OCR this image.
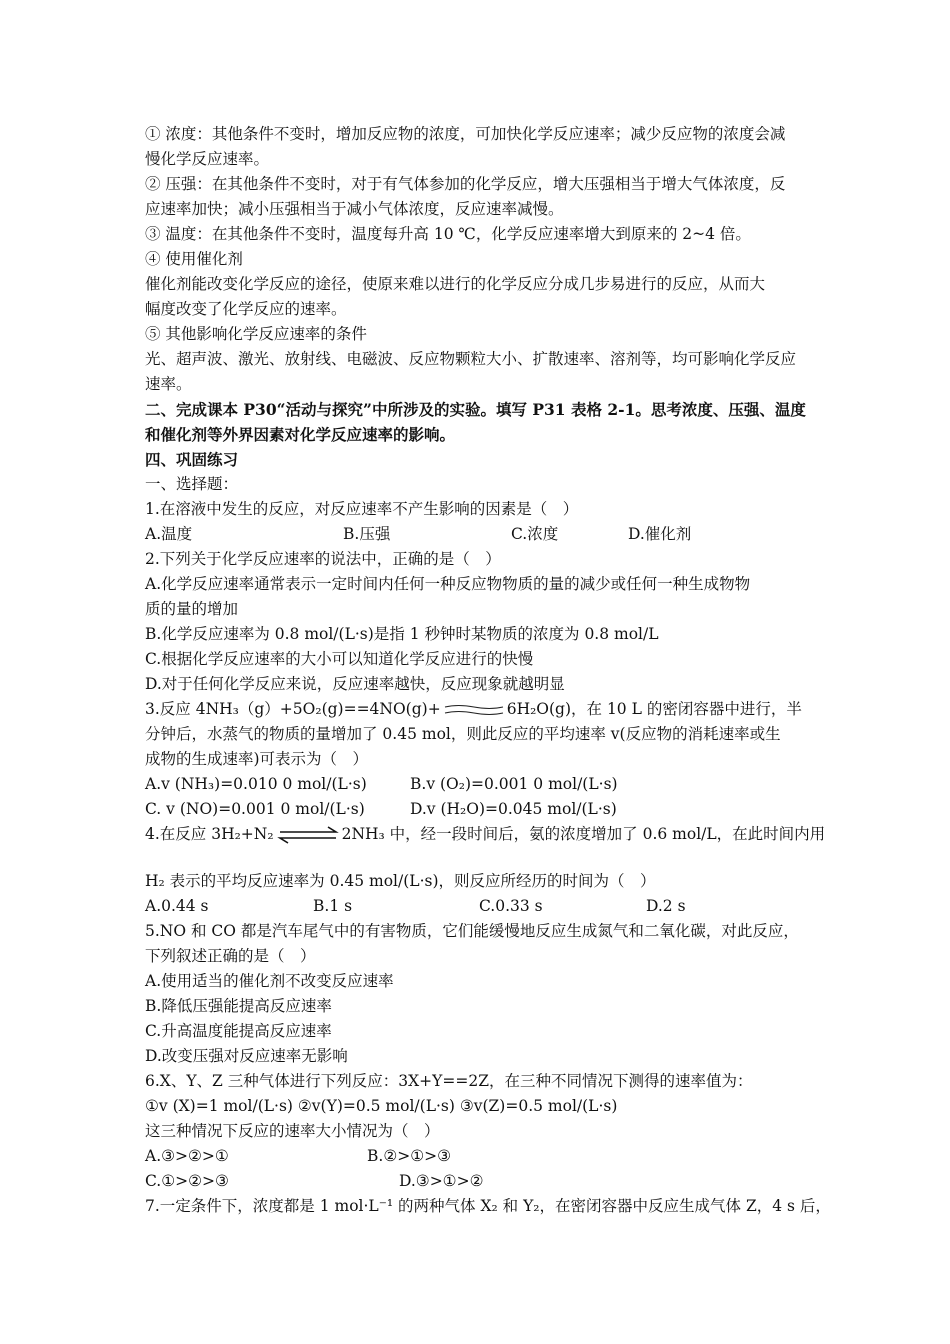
① 浓度：其他条件不变时，增加反应物的浓度，可加快化学反应速率；减少反应物的浓度会减
慢化学反应速率。
② 压强：在其他条件不变时，对于有气体参加的化学反应，增大压强相当于增大气体浓度，反
应速率加快；减小压强相当于减小气体浓度，反应速率减慢。
③ 温度：在其他条件不变时，温度每升高 10 ℃，化学反应速率增大到原来的 2~4 倍。
④ 使用催化剂
催化剂能改变化学反应的途径，使原来难以进行的化学反应分成几步易进行的反应，从而大
幅度改变了化学反应的速率。
⑤ 其他影响化学反应速率的条件
光、超声波、激光、放射线、电磁波、反应物颗粒大小、扩散速率、溶剂等，均可影响化学反应
速率。
二、完成课本 P30“活动与探究”中所涉及的实验。填写 P31 表格 2-1。思考浓度、压强、温度
和催化剂等外界因素对化学反应速率的影响。
四、巩固练习
一、选择题：
1.在溶液中发生的反应，对反应速率不产生影响的因素是（　）
A.温度	B.压强	C.浓度	D.催化剂
2.下列关于化学反应速率的说法中，正确的是（　）
A.化学反应速率通常表示一定时间内任何一种反应物物质的量的减少或任何一种生成物物
质的量的增加
B.化学反应速率为 0.8 mol/(L·s)是指 1 秒钟时某物质的浓度为 0.8 mol/L
C.根据化学反应速率的大小可以知道化学反应进行的快慢
D.对于任何化学反应来说，反应速率越快，反应现象就越明显
3.反应 4NH₃（g）+5O₂(g)==4NO(g)+	6H₂O(g)，在 10 L 的密闭容器中进行，半
分钟后，水蒸气的物质的量增加了 0.45 mol，则此反应的平均速率 v(反应物的消耗速率或生
成物的生成速率)可表示为（　）
A.v (NH₃)=0.010 0 mol/(L·s)	B.v (O₂)=0.001 0 mol/(L·s)
C. v (NO)=0.001 0 mol/(L·s)	D.v (H₂O)=0.045 mol/(L·s)
4.在反应 3H₂+N₂	2NH₃ 中，经一段时间后，氨的浓度增加了 0.6 mol/L，在此时间内用
H₂ 表示的平均反应速率为 0.45 mol/(L·s)，则反应所经历的时间为（　）
A.0.44 s	B.1 s	C.0.33 s	D.2 s
5.NO 和 CO 都是汽车尾气中的有害物质，它们能缓慢地反应生成氮气和二氧化碳，对此反应，
下列叙述正确的是（　）
A.使用适当的催化剂不改变反应速率
B.降低压强能提高反应速率
C.升高温度能提高反应速率
D.改变压强对反应速率无影响
6.X、Y、Z 三种气体进行下列反应：3X+Y==2Z，在三种不同情况下测得的速率值为：
①v (X)=1 mol/(L·s) ②v(Y)=0.5 mol/(L·s) ③v(Z)=0.5 mol/(L·s)
这三种情况下反应的速率大小情况为（　）
A.③>②>①	B.②>①>③
C.①>②>③	D.③>①>②
7.一定条件下，浓度都是 1 mol·L⁻¹ 的两种气体 X₂ 和 Y₂，在密闭容器中反应生成气体 Z，4 s 后，
